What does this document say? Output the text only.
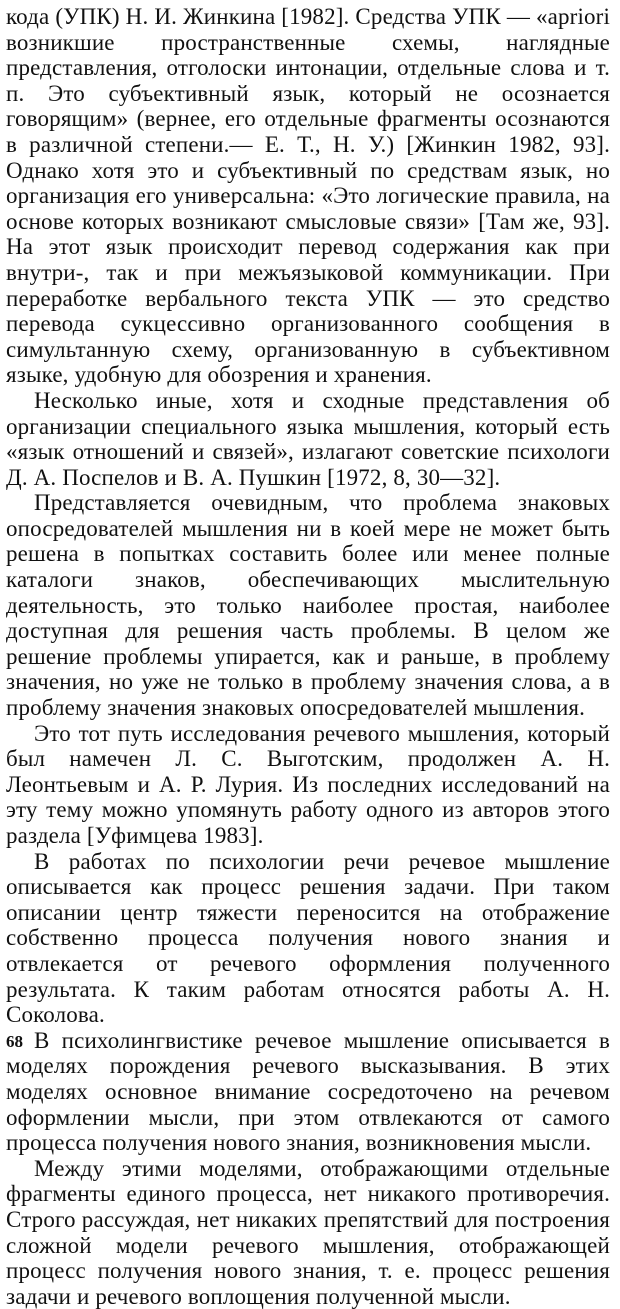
кода (УПК) Н. И. Жинкина [1982]. Средства УПК — «apriori возникшие пространственные схемы, наглядные представления, отголоски интонации, отдельные слова и т. п. Это субъективный язык, который не осознается говорящим» (вернее, его отдельные фрагменты осознаются в различной степени.— Е. Т., Н. У.) [Жинкин 1982, 93]. Однако хотя это и субъективный по средствам язык, но организация его универсальна: «Это логические правила, на основе которых возникают смысловые связи» [Там же, 93]. На этот язык происходит перевод содержания как при внутри-, так и при межъязыковой коммуникации. При переработке вербального текста УПК — это средство перевода сукцессивно организованного сообщения в симультанную схему, организованную в субъективном языке, удобную для обозрения и хранения.

Несколько иные, хотя и сходные представления об организации специального языка мышления, который есть «язык отношений и связей», излагают советские психологи Д. А. Поспелов и В. А. Пушкин [1972, 8, 30—32].

Представляется очевидным, что проблема знаковых опосредователей мышления ни в коей мере не может быть решена в попытках составить более или менее полные каталоги знаков, обеспечивающих мыслительную деятельность, это только наиболее простая, наиболее доступная для решения часть проблемы. В целом же решение проблемы упирается, как и раньше, в проблему значения, но уже не только в проблему значения слова, а в проблему значения знаковых опосредователей мышления.

Это тот путь исследования речевого мышления, который был намечен Л. С. Выготским, продолжен А. Н. Леонтьевым и А. Р. Лурия. Из последних исследований на эту тему можно упомянуть работу одного из авторов этого раздела [Уфимцева 1983].

В работах по психологии речи речевое мышление описывается как процесс решения задачи. При таком описании центр тяжести переносится на отображение собственно процесса получения нового знания и отвлекается от речевого оформления полученного результата. К таким работам относятся работы А. Н. Соколова.

В психолингвистике речевое мышление описывается в моделях порождения речевого высказывания. В этих моделях основное внимание сосредоточено на речевом оформлении мысли, при этом отвлекаются от самого процесса получения нового знания, возникновения мысли.

Между этими моделями, отображающими отдельные фрагменты единого процесса, нет никакого противоречия. Строго рассуждая, нет никаких препятствий для построения сложной модели речевого мышления, отображающей процесс получения нового знания, т. е. процесс решения задачи и речевого воплощения полученной мысли.

68
